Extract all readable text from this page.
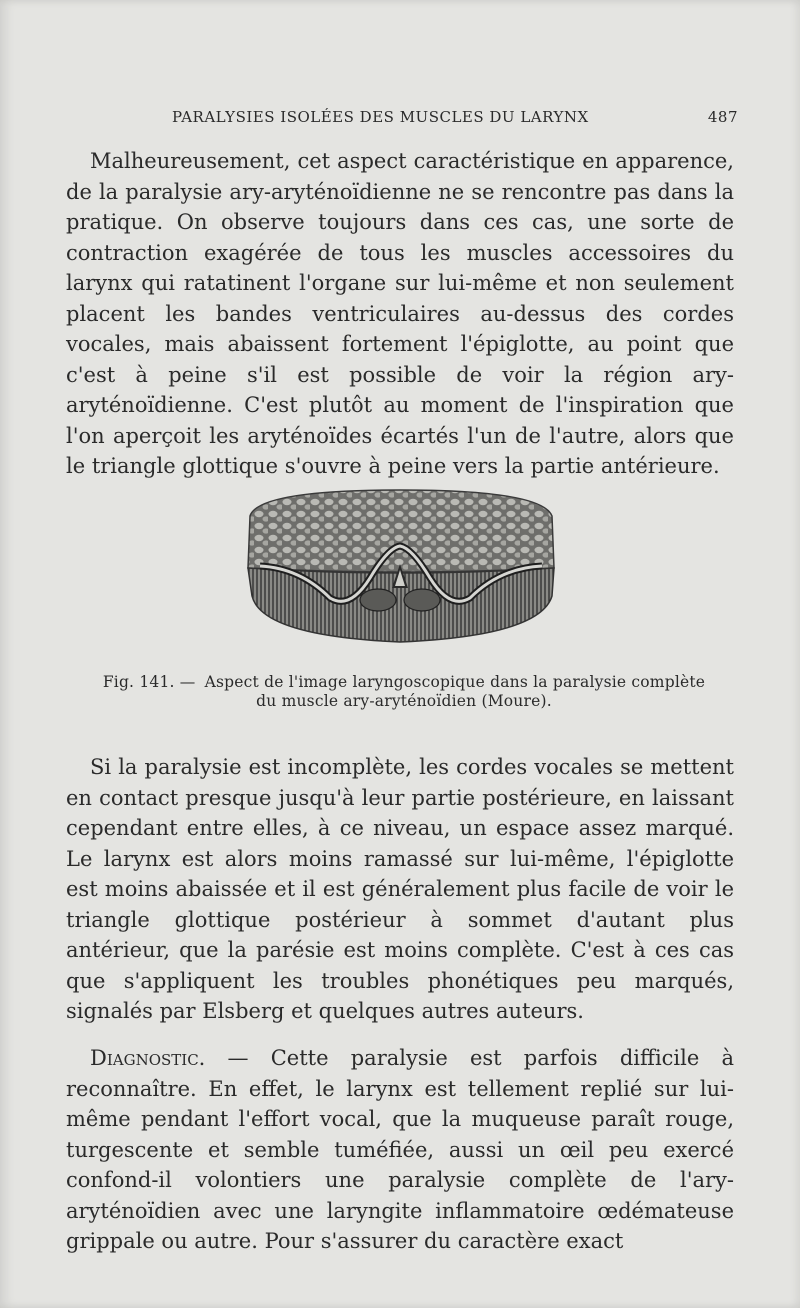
PARALYSIES ISOLÉES DES MUSCLES DU LARYNX	487

Malheureusement, cet aspect caractéristique en apparence, de la paralysie ary-aryténoïdienne ne se rencontre pas dans la pratique. On observe toujours dans ces cas, une sorte de contraction exagérée de tous les muscles accessoires du larynx qui ratatinent l'organe sur lui-même et non seulement placent les bandes ventriculaires au-dessus des cordes vocales, mais abaissent fortement l'épiglotte, au point que c'est à peine s'il est possible de voir la région ary-aryténoïdienne. C'est plutôt au moment de l'inspiration que l'on aperçoit les aryténoïdes écartés l'un de l'autre, alors que le triangle glottique s'ouvre à peine vers la partie antérieure.

Fig. 141. — Aspect de l'image laryngoscopique dans la paralysie complète
du muscle ary-aryténoïdien (Moure).

Si la paralysie est incomplète, les cordes vocales se mettent en contact presque jusqu'à leur partie postérieure, en laissant cependant entre elles, à ce niveau, un espace assez marqué. Le larynx est alors moins ramassé sur lui-même, l'épiglotte est moins abaissée et il est généralement plus facile de voir le triangle glottique postérieur à sommet d'autant plus antérieur, que la parésie est moins complète. C'est à ces cas que s'appliquent les troubles phonétiques peu marqués, signalés par Elsberg et quelques autres auteurs.

Diagnostic. — Cette paralysie est parfois difficile à reconnaître. En effet, le larynx est tellement replié sur lui-même pendant l'effort vocal, que la muqueuse paraît rouge, turgescente et semble tuméfiée, aussi un œil peu exercé confond-il volontiers une paralysie complète de l'ary-aryténoïdien avec une laryngite inflammatoire œdémateuse grippale ou autre. Pour s'assurer du caractère exact
